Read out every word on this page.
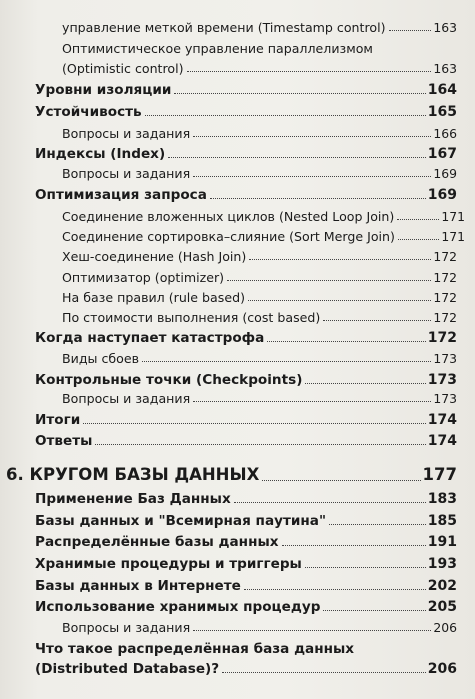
управление меткой времени (Timestamp control)	163
Оптимистическое управление параллелизмом
(Optimistic control)	163
Уровни изоляции	164
Устойчивость	165
Вопросы и задания	166
Индексы (Index)	167
Вопросы и задания	169
Оптимизация запроса	169
Соединение вложенных циклов (Nested Loop Join)	171
Соединение сортировка–слияние (Sort Merge Join)	171
Хеш-соединение (Hash Join)	172
Оптимизатор (optimizer)	172
На базе правил (rule based)	172
По стоимости выполнения (cost based)	172
Когда наступает катастрофа	172
Виды сбоев	173
Контрольные точки (Checkpoints)	173
Вопросы и задания	173
Итоги	174
Ответы	174
6. КРУГОМ БАЗЫ ДАННЫХ	177
Применение Баз Данных	183
Базы данных и "Всемирная паутина"	185
Распределённые базы данных	191
Хранимые процедуры и триггеры	193
Базы данных в Интернете	202
Использование хранимых процедур	205
Вопросы и задания	206
Что такое распределённая база данных
(Distributed Database)?	206
